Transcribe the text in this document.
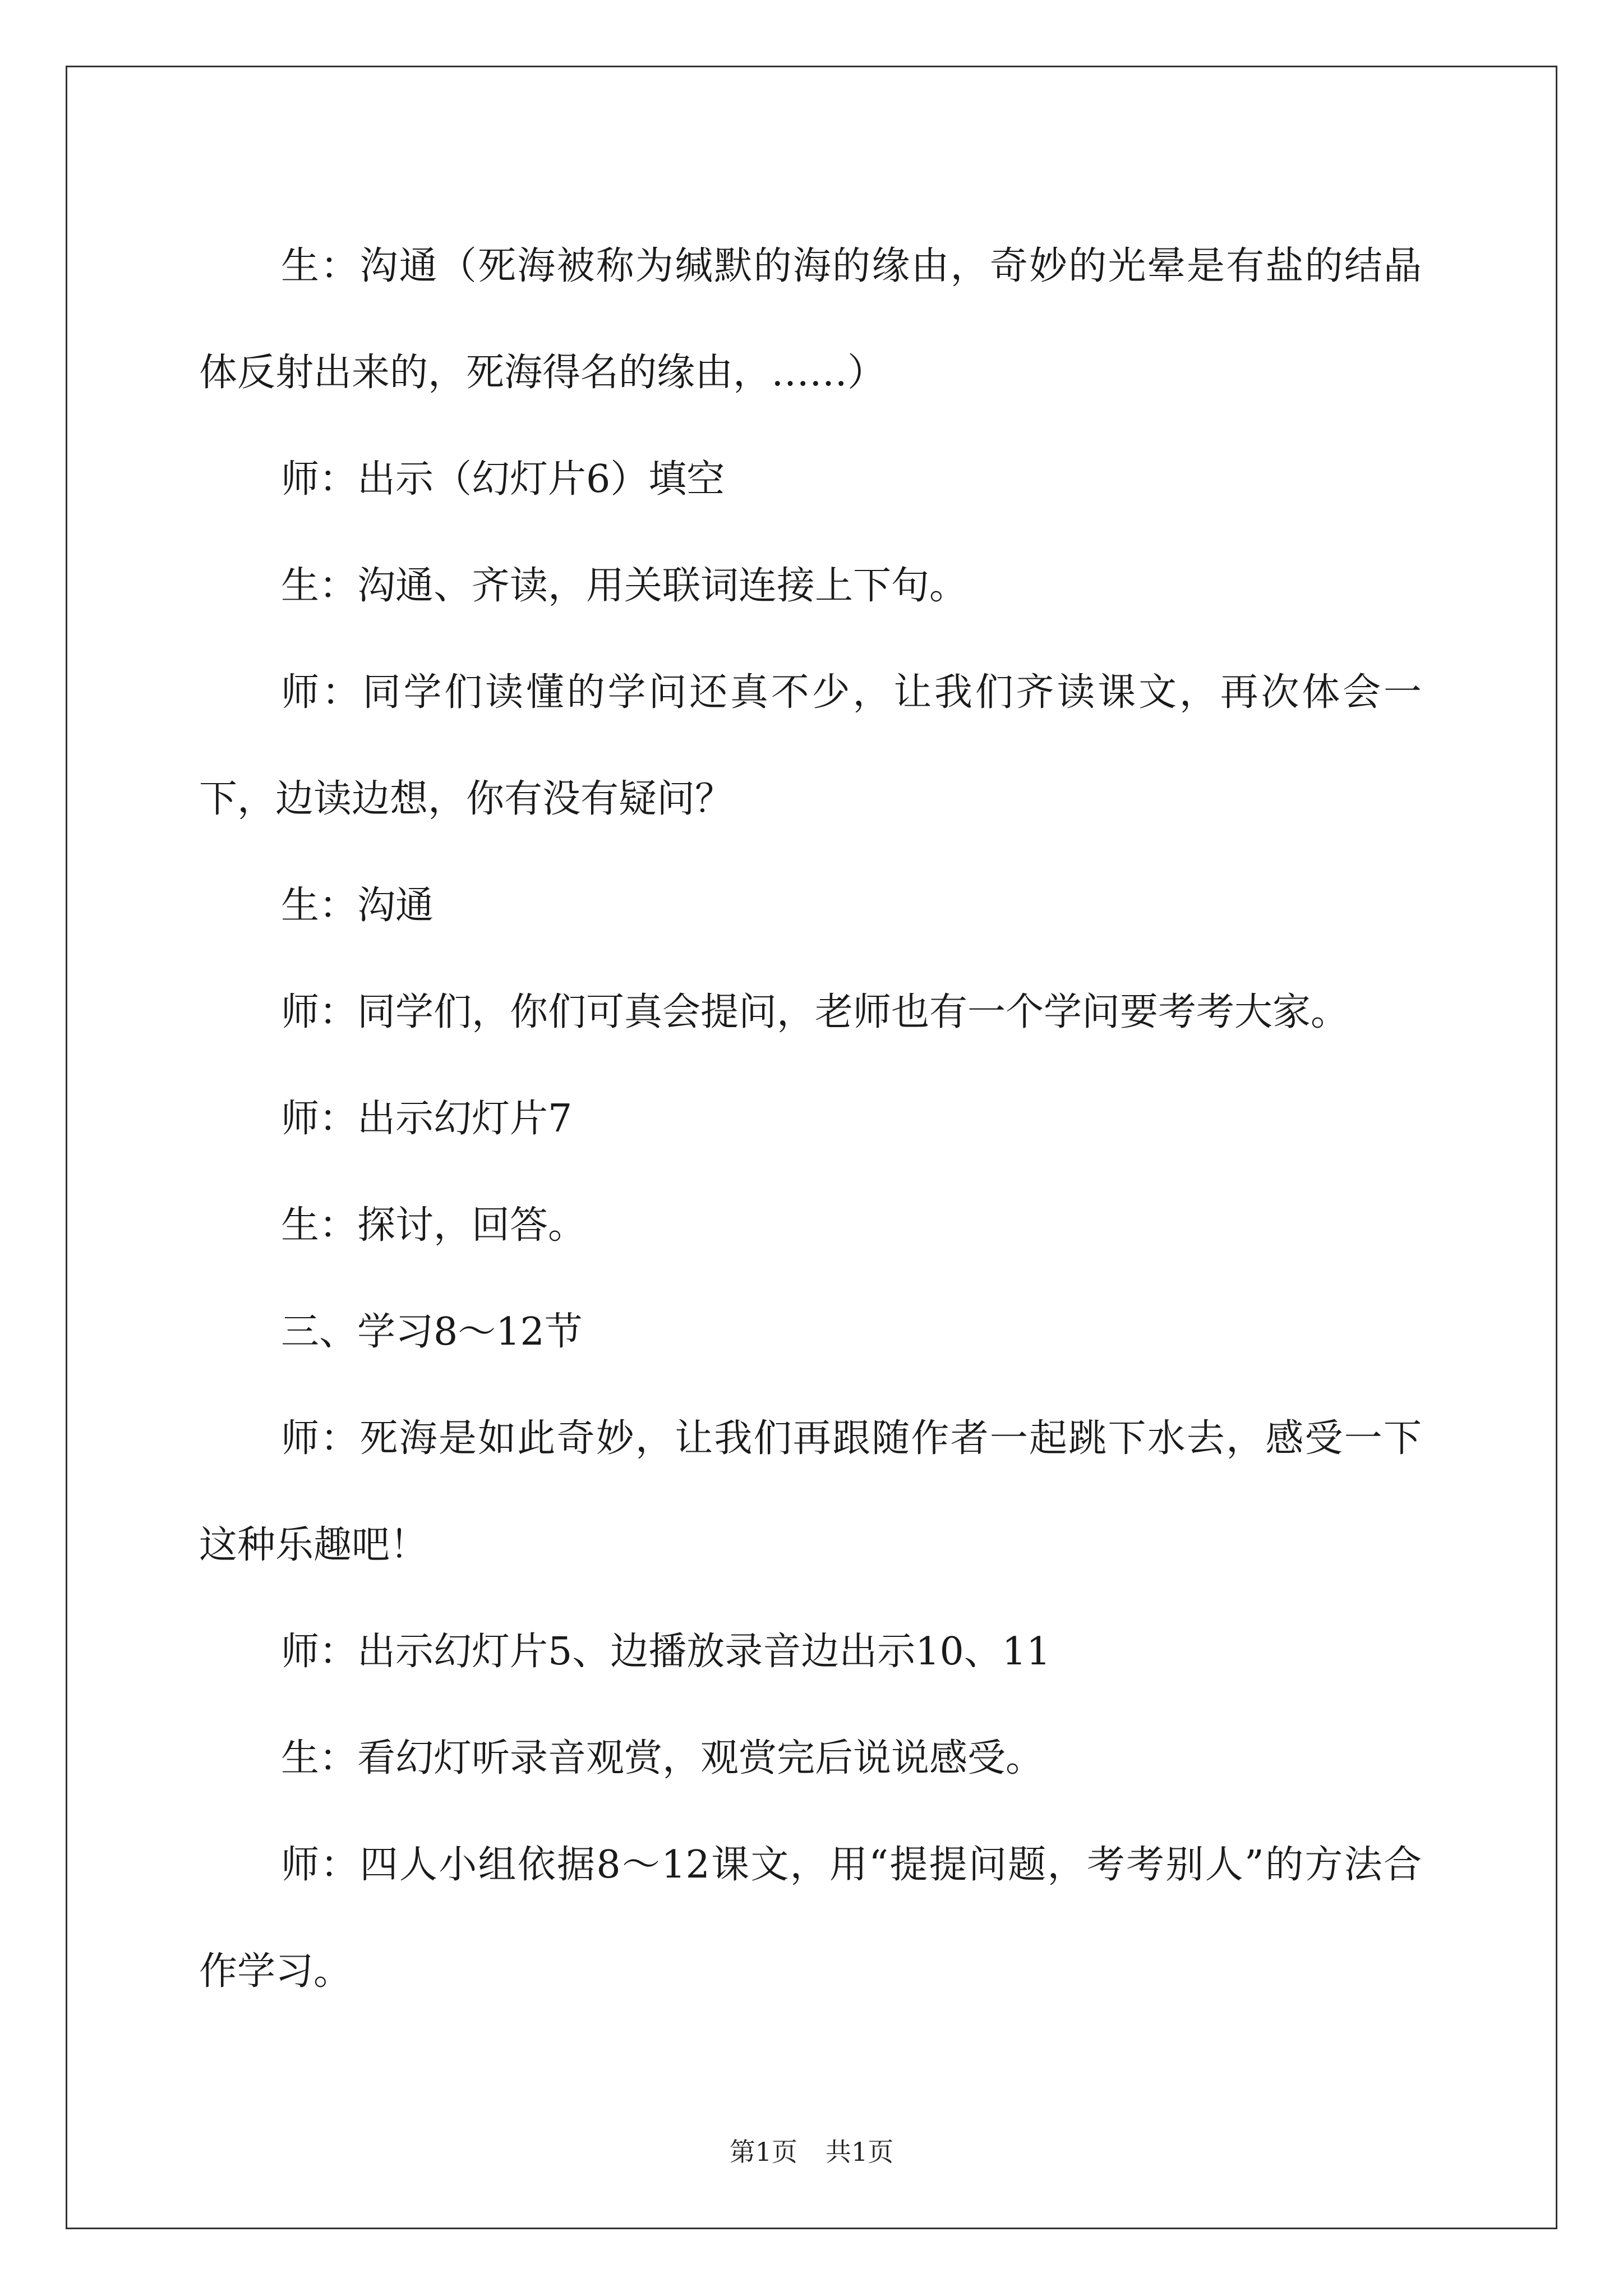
生：沟通（死海被称为缄默的海的缘由，奇妙的光晕是有盐的结晶体反射出来的，死海得名的缘由，……）

师：出示（幻灯片6）填空

生：沟通、齐读，用关联词连接上下句。

师：同学们读懂的学问还真不少，让我们齐读课文，再次体会一下，边读边想，你有没有疑问？

生：沟通

师：同学们，你们可真会提问，老师也有一个学问要考考大家。

师：出示幻灯片7

生：探讨，回答。

三、学习8～12节

师：死海是如此奇妙，让我们再跟随作者一起跳下水去，感受一下这种乐趣吧！

师：出示幻灯片5、边播放录音边出示10、11

生：看幻灯听录音观赏，观赏完后说说感受。

师：四人小组依据8～12课文，用“提提问题，考考别人”的方法合作学习。

第1页 共1页
